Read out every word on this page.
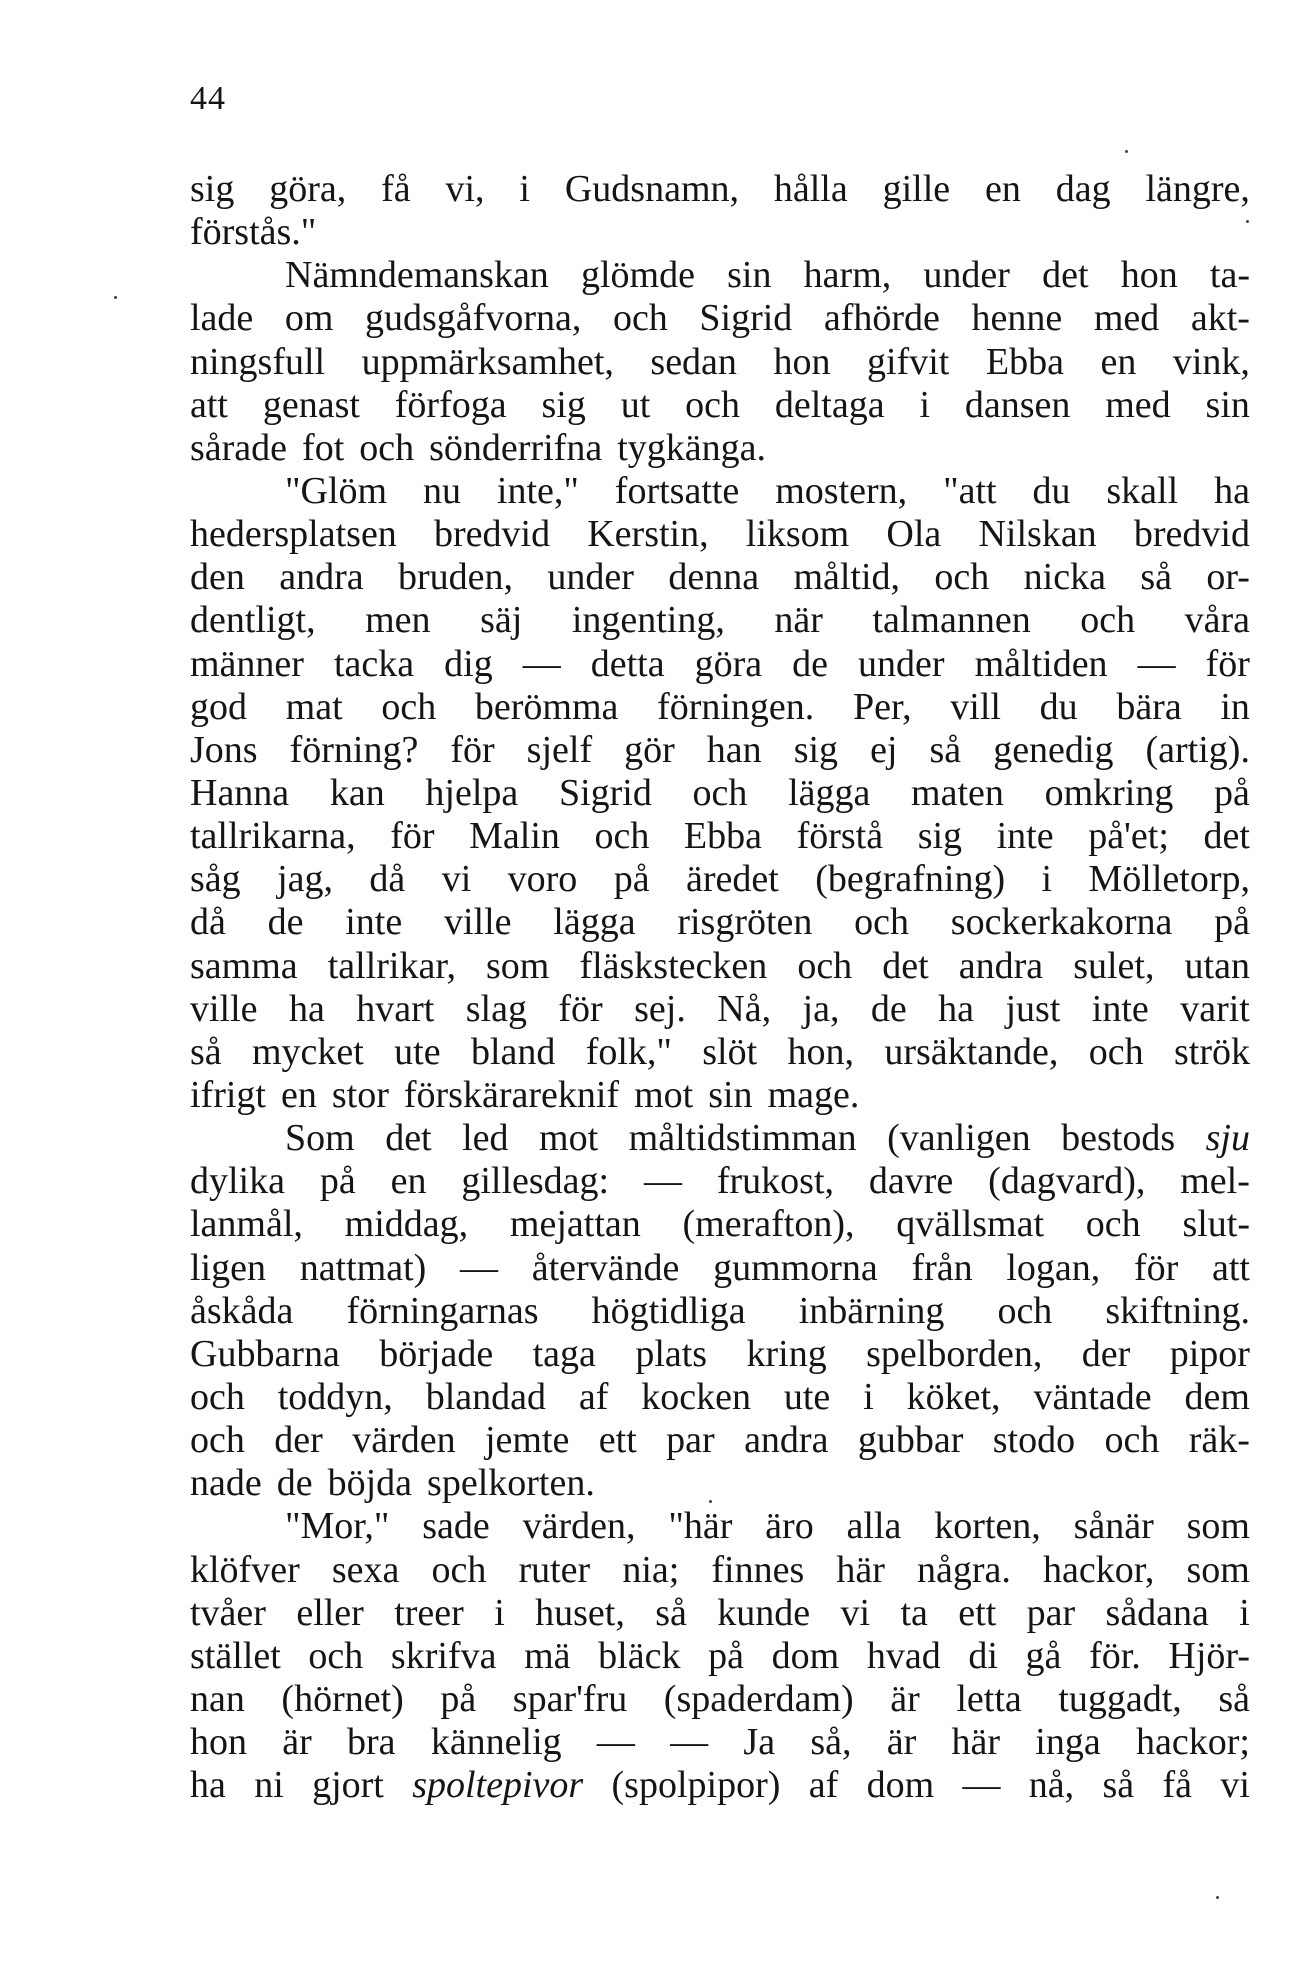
44
sig göra, få vi, i Gudsnamn, hålla gille en dag längre,
förstås."
Nämndemanskan glömde sin harm, under det hon ta-
lade om gudsgåfvorna, och Sigrid afhörde henne med akt-
ningsfull uppmärksamhet, sedan hon gifvit Ebba en vink,
att genast förfoga sig ut och deltaga i dansen med sin
sårade fot och sönderrifna tygkänga.
"Glöm nu inte," fortsatte mostern, "att du skall ha
hedersplatsen bredvid Kerstin, liksom Ola Nilskan bredvid
den andra bruden, under denna måltid, och nicka så or-
dentligt, men säj ingenting, när talmannen och våra
männer tacka dig — detta göra de under måltiden — för
god mat och berömma förningen. Per, vill du bära in
Jons förning? för sjelf gör han sig ej så genedig (artig).
Hanna kan hjelpa Sigrid och lägga maten omkring på
tallrikarna, för Malin och Ebba förstå sig inte på'et; det
såg jag, då vi voro på äredet (begrafning) i Mölletorp,
då de inte ville lägga risgröten och sockerkakorna på
samma tallrikar, som fläskstecken och det andra sulet, utan
ville ha hvart slag för sej. Nå, ja, de ha just inte varit
så mycket ute bland folk," slöt hon, ursäktande, och strök
ifrigt en stor förskärareknif mot sin mage.
Som det led mot måltidstimman (vanligen bestods sju
dylika på en gillesdag: — frukost, davre (dagvard), mel-
lanmål, middag, mejattan (merafton), qvällsmat och slut-
ligen nattmat) — återvände gummorna från logan, för att
åskåda förningarnas högtidliga inbärning och skiftning.
Gubbarna började taga plats kring spelborden, der pipor
och toddyn, blandad af kocken ute i köket, väntade dem
och der värden jemte ett par andra gubbar stodo och räk-
nade de böjda spelkorten.
"Mor," sade värden, "här äro alla korten, sånär som
klöfver sexa och ruter nia; finnes här några. hackor, som
tvåer eller treer i huset, så kunde vi ta ett par sådana i
stället och skrifva mä bläck på dom hvad di gå för. Hjör-
nan (hörnet) på spar'fru (spaderdam) är letta tuggadt, så
hon är bra kännelig — — Ja så, är här inga hackor;
ha ni gjort spoltepivor (spolpipor) af dom — nå, så få vi
